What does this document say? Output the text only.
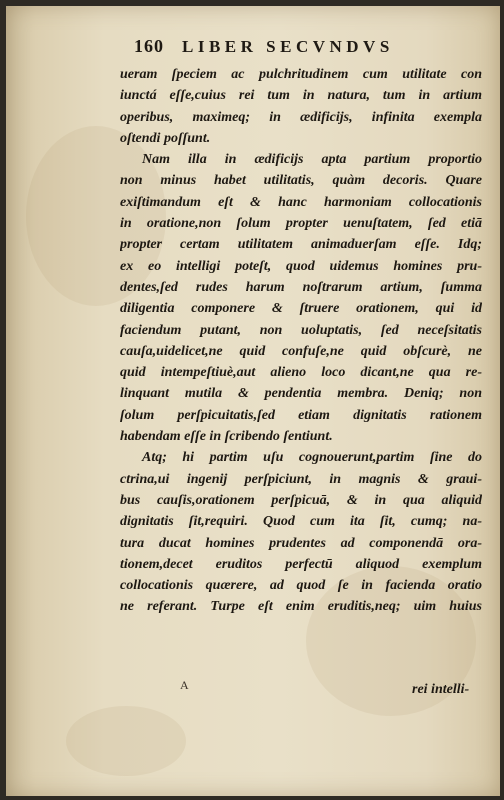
160 LIBER SECVNDVS
ueram ſpeciem ac pulchritudinem cum utilitate con
iunctá eſſe,cuius rei tum in natura, tum in artium
operibus, maximeq; in ædificijs, infinita exempla
oſtendi poſſunt.
Nam illa in ædificijs apta partium proportio
non minus habet utilitatis, quàm decoris. Quare
exiſtimandum eſt & hanc harmoniam collocationis
in oratione,non ſolum propter uenuſtatem, ſed etiā
propter certam utilitatem animaduerſam eſſe. Idq;
ex eo intelligi poteſt, quod uidemus homines pru-
dentes,ſed rudes harum noſtrarum artium, ſumma
diligentia componere & ſtruere orationem, qui id
faciendum putant, non uoluptatis, ſed neceſsitatis
cauſa,uidelicet,ne quid confuſe,ne quid obſcurè, ne
quid intempeſtiuè,aut alieno loco dicant,ne qua re-
linquant mutila & pendentia membra. Deniq; non
ſolum perſpicuitatis,ſed etiam dignitatis rationem
habendam eſſe in ſcribendo ſentiunt.
Atq; hi partim uſu cognouerunt,partim ſine do
ctrina,ui ingenij perſpiciunt, in magnis & graui-
bus cauſis,orationem perſpicuā, & in qua aliquid
dignitatis ſit,requiri. Quod cum ita ſit, cumq; na-
tura ducat homines prudentes ad componendā ora-
tionem,decet eruditos perfectū aliquod exemplum
collocationis quærere, ad quod ſe in facienda oratio
ne referant. Turpe eſt enim eruditis,neq; uim huius
A	rei intelli-
